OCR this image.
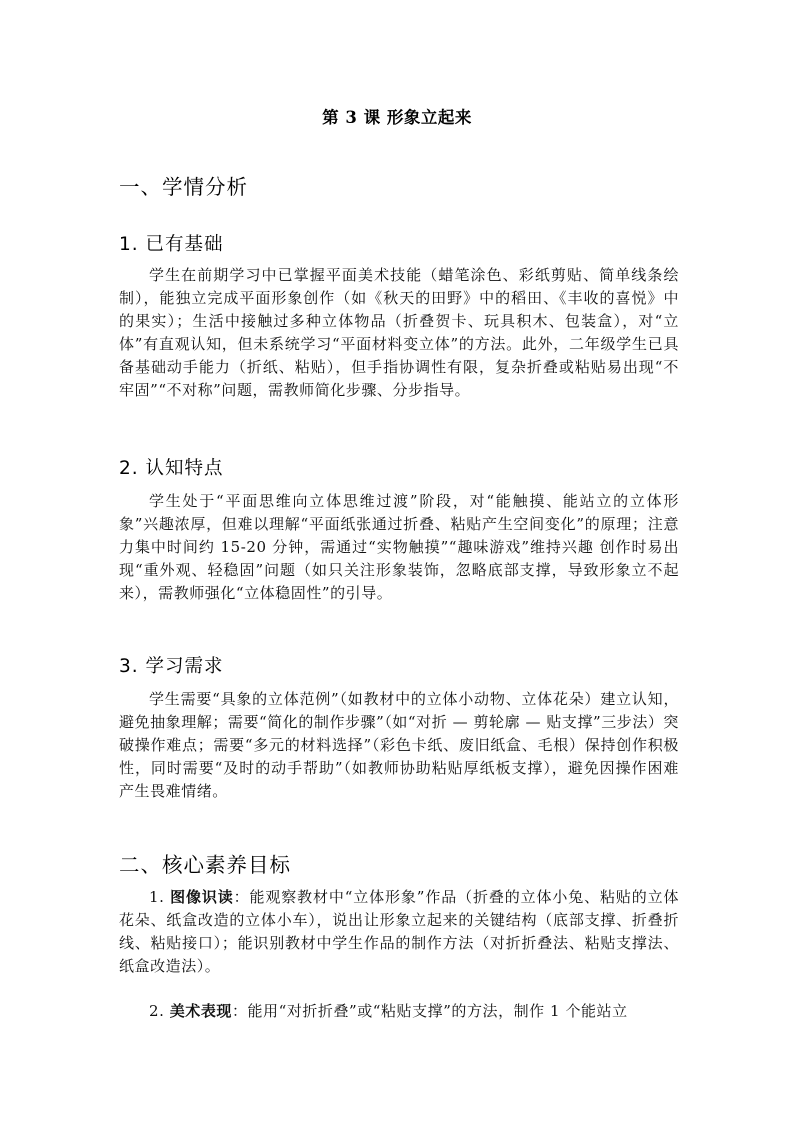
第 3 课 形象立起来
一、学情分析
1. 已有基础
学生在前期学习中已掌握平面美术技能（蜡笔涂色、彩纸剪贴、简单线条绘制），能独立完成平面形象创作（如《秋天的田野》中的稻田、《丰收的喜悦》中的果实）；生活中接触过多种立体物品（折叠贺卡、玩具积木、包装盒），对“立体”有直观认知，但未系统学习“平面材料变立体”的方法。此外，二年级学生已具备基础动手能力（折纸、粘贴），但手指协调性有限，复杂折叠或粘贴易出现“不牢固”“不对称”问题，需教师简化步骤、分步指导。
2. 认知特点
学生处于“平面思维向立体思维过渡”阶段，对“能触摸、能站立的立体形象”兴趣浓厚，但难以理解“平面纸张通过折叠、粘贴产生空间变化”的原理；注意力集中时间约 15-20 分钟，需通过“实物触摸”“趣味游戏”维持兴趣 创作时易出现“重外观、轻稳固”问题（如只关注形象装饰，忽略底部支撑，导致形象立不起来），需教师强化“立体稳固性”的引导。
3. 学习需求
学生需要“具象的立体范例”（如教材中的立体小动物、立体花朵）建立认知，避免抽象理解；需要“简化的制作步骤”（如“对折 — 剪轮廓 — 贴支撑”三步法）突破操作难点；需要“多元的材料选择”（彩色卡纸、废旧纸盒、毛根）保持创作积极性，同时需要“及时的动手帮助”（如教师协助粘贴厚纸板支撑），避免因操作困难产生畏难情绪。
二、核心素养目标
1. 图像识读：能观察教材中“立体形象”作品（折叠的立体小兔、粘贴的立体花朵、纸盒改造的立体小车），说出让形象立起来的关键结构（底部支撑、折叠折线、粘贴接口）；能识别教材中学生作品的制作方法（对折折叠法、粘贴支撑法、纸盒改造法）。
2. 美术表现：能用“对折折叠”或“粘贴支撑”的方法，制作 1 个能站立
